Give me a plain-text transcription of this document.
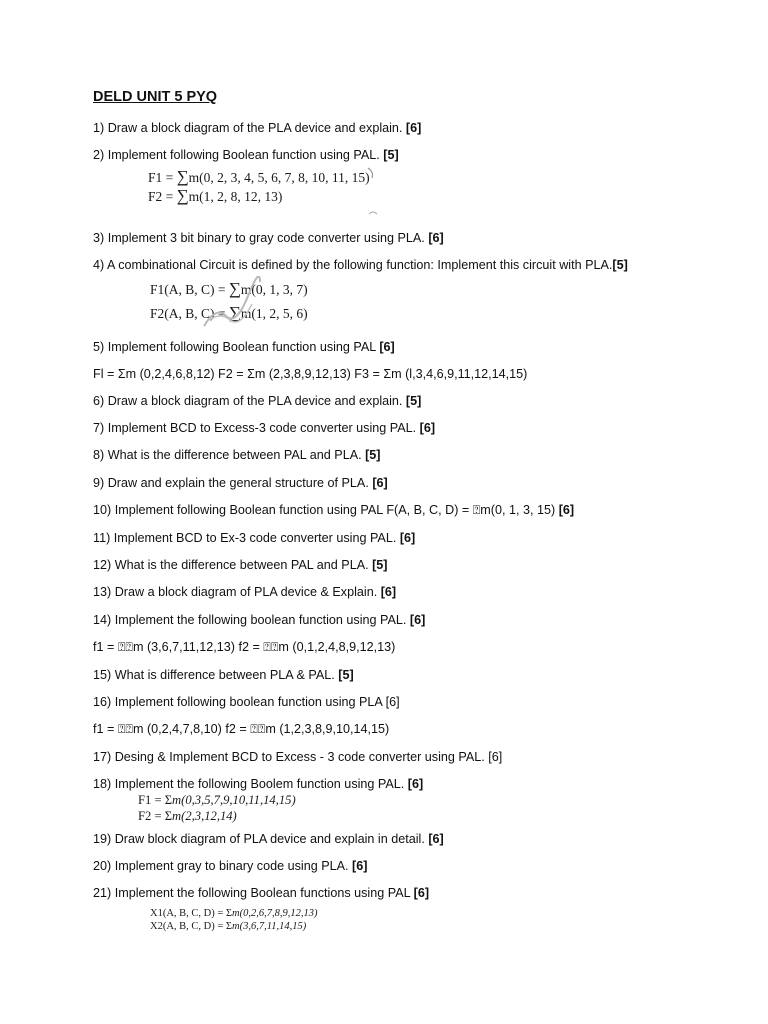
DELD UNIT 5 PYQ
1) Draw a block diagram of the PLA device and explain. [6]
2) Implement following Boolean function using PAL. [5]
F1 = ∑m(0, 2, 3, 4, 5, 6, 7, 8, 10, 11, 15)
F2 = ∑m(1, 2, 8, 12, 13)
3) Implement 3 bit binary to gray code converter using PLA. [6]
4) A combinational Circuit is defined by the following function: Implement this circuit with PLA.[5]
F1(A, B, C) = ∑m(0, 1, 3, 7)
F2(A, B, C) = ∑m(1, 2, 5, 6)
5) Implement following Boolean function using PAL [6]
Fl = Σm (0,2,4,6,8,12) F2 = Σm (2,3,8,9,12,13) F3 = Σm (l,3,4,6,9,11,12,14,15)
6) Draw a block diagram of the PLA device and explain. [5]
7) Implement BCD to Excess-3 code converter using PAL. [6]
8) What is the difference between PAL and PLA. [5]
9) Draw and explain the general structure of PLA. [6]
10) Implement following Boolean function using PAL F(A, B, C, D) = ⍰m(0, 1, 3, 15) [6]
11) Implement BCD to Ex-3 code converter using PAL. [6]
12) What is the difference between PAL and PLA. [5]
13) Draw a block diagram of PLA device & Explain. [6]
14) Implement the following boolean function using PAL. [6]
f1 = ⍰⍰m (3,6,7,11,12,13) f2 = ⍰⍰m (0,1,2,4,8,9,12,13)
15) What is difference between PLA & PAL. [5]
16) Implement following boolean function using PLA [6]
f1 = ⍰⍰m (0,2,4,7,8,10) f2 = ⍰⍰m (1,2,3,8,9,10,14,15)
17) Desing & Implement BCD to Excess - 3 code converter using PAL. [6]
18) Implement the following Boolem function using PAL. [6]
F1 = Σm(0,3,5,7,9,10,11,14,15)
F2 = Σm(2,3,12,14)
19) Draw block diagram of PLA device and explain in detail. [6]
20) Implement gray to binary code using PLA. [6]
21) Implement the following Boolean functions using PAL [6]
X1(A, B, C, D) = Σm(0,2,6,7,8,9,12,13)
X2(A, B, C, D) = Σm(3,6,7,11,14,15)
